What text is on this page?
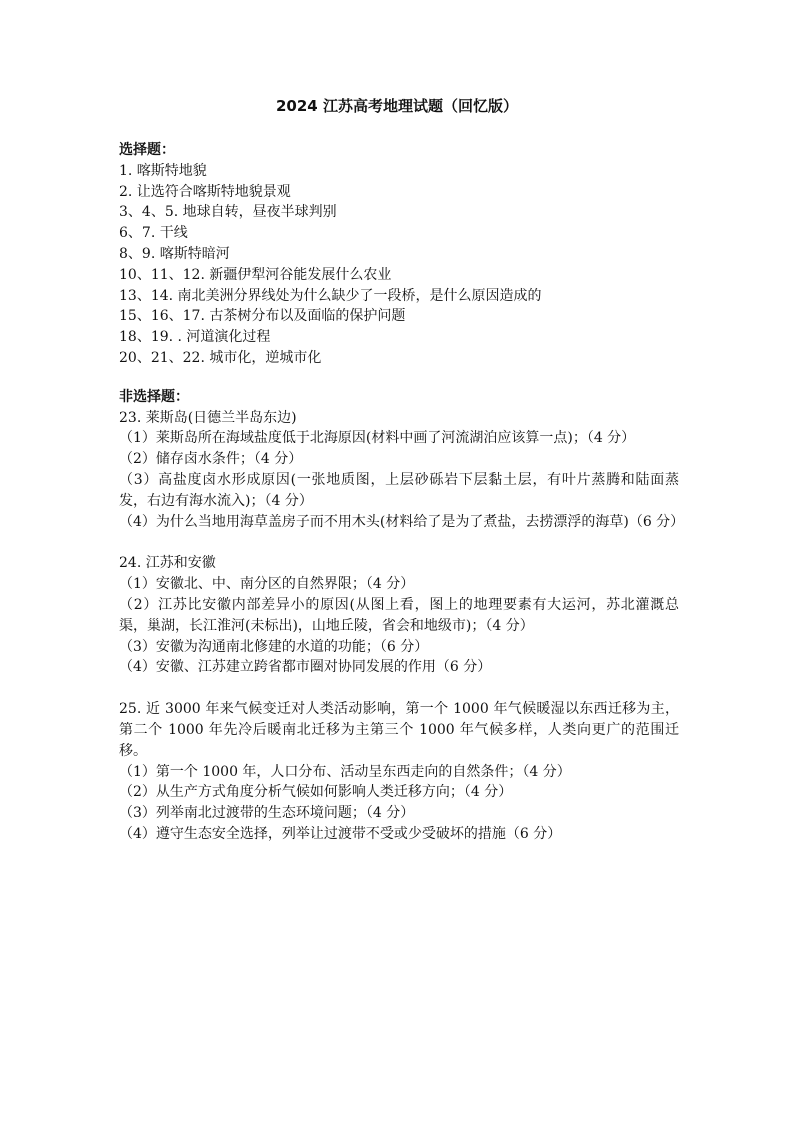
2024 江苏高考地理试题（回忆版）
选择题：
1. 喀斯特地貌
2. 让选符合喀斯特地貌景观
3、4、5. 地球自转，昼夜半球判别
6、7. 干线
8、9. 喀斯特暗河
10、11、12. 新疆伊犁河谷能发展什么农业
13、14. 南北美洲分界线处为什么缺少了一段桥，是什么原因造成的
15、16、17. 古茶树分布以及面临的保护问题
18、19. . 河道演化过程
20、21、22. 城市化，逆城市化
非选择题：
23. 莱斯岛(日德兰半岛东边)
（1）莱斯岛所在海域盐度低于北海原因(材料中画了河流湖泊应该算一点)；（4 分）
（2）储存卤水条件；（4 分）
（3）高盐度卤水形成原因(一张地质图，上层砂砾岩下层黏土层，有叶片蒸腾和陆面蒸发，右边有海水流入)；（4 分）
（4）为什么当地用海草盖房子而不用木头(材料给了是为了煮盐，去捞漂浮的海草)（6 分）
24. 江苏和安徽
（1）安徽北、中、南分区的自然界限；（4 分）
（2）江苏比安徽内部差异小的原因(从图上看，图上的地理要素有大运河，苏北灌溉总渠，巢湖，长江淮河(未标出)，山地丘陵，省会和地级市)；（4 分）
（3）安徽为沟通南北修建的水道的功能；（6 分）
（4）安徽、江苏建立跨省都市圈对协同发展的作用（6 分）
25. 近 3000 年来气候变迁对人类活动影响，第一个 1000 年气候暖湿以东西迁移为主，第二个 1000 年先冷后暖南北迁移为主第三个 1000 年气候多样，人类向更广的范围迁移。
（1）第一个 1000 年，人口分布、活动呈东西走向的自然条件；（4 分）
（2）从生产方式角度分析气候如何影响人类迁移方向；（4 分）
（3）列举南北过渡带的生态环境问题；（4 分）
（4）遵守生态安全选择，列举让过渡带不受或少受破坏的措施（6 分）
